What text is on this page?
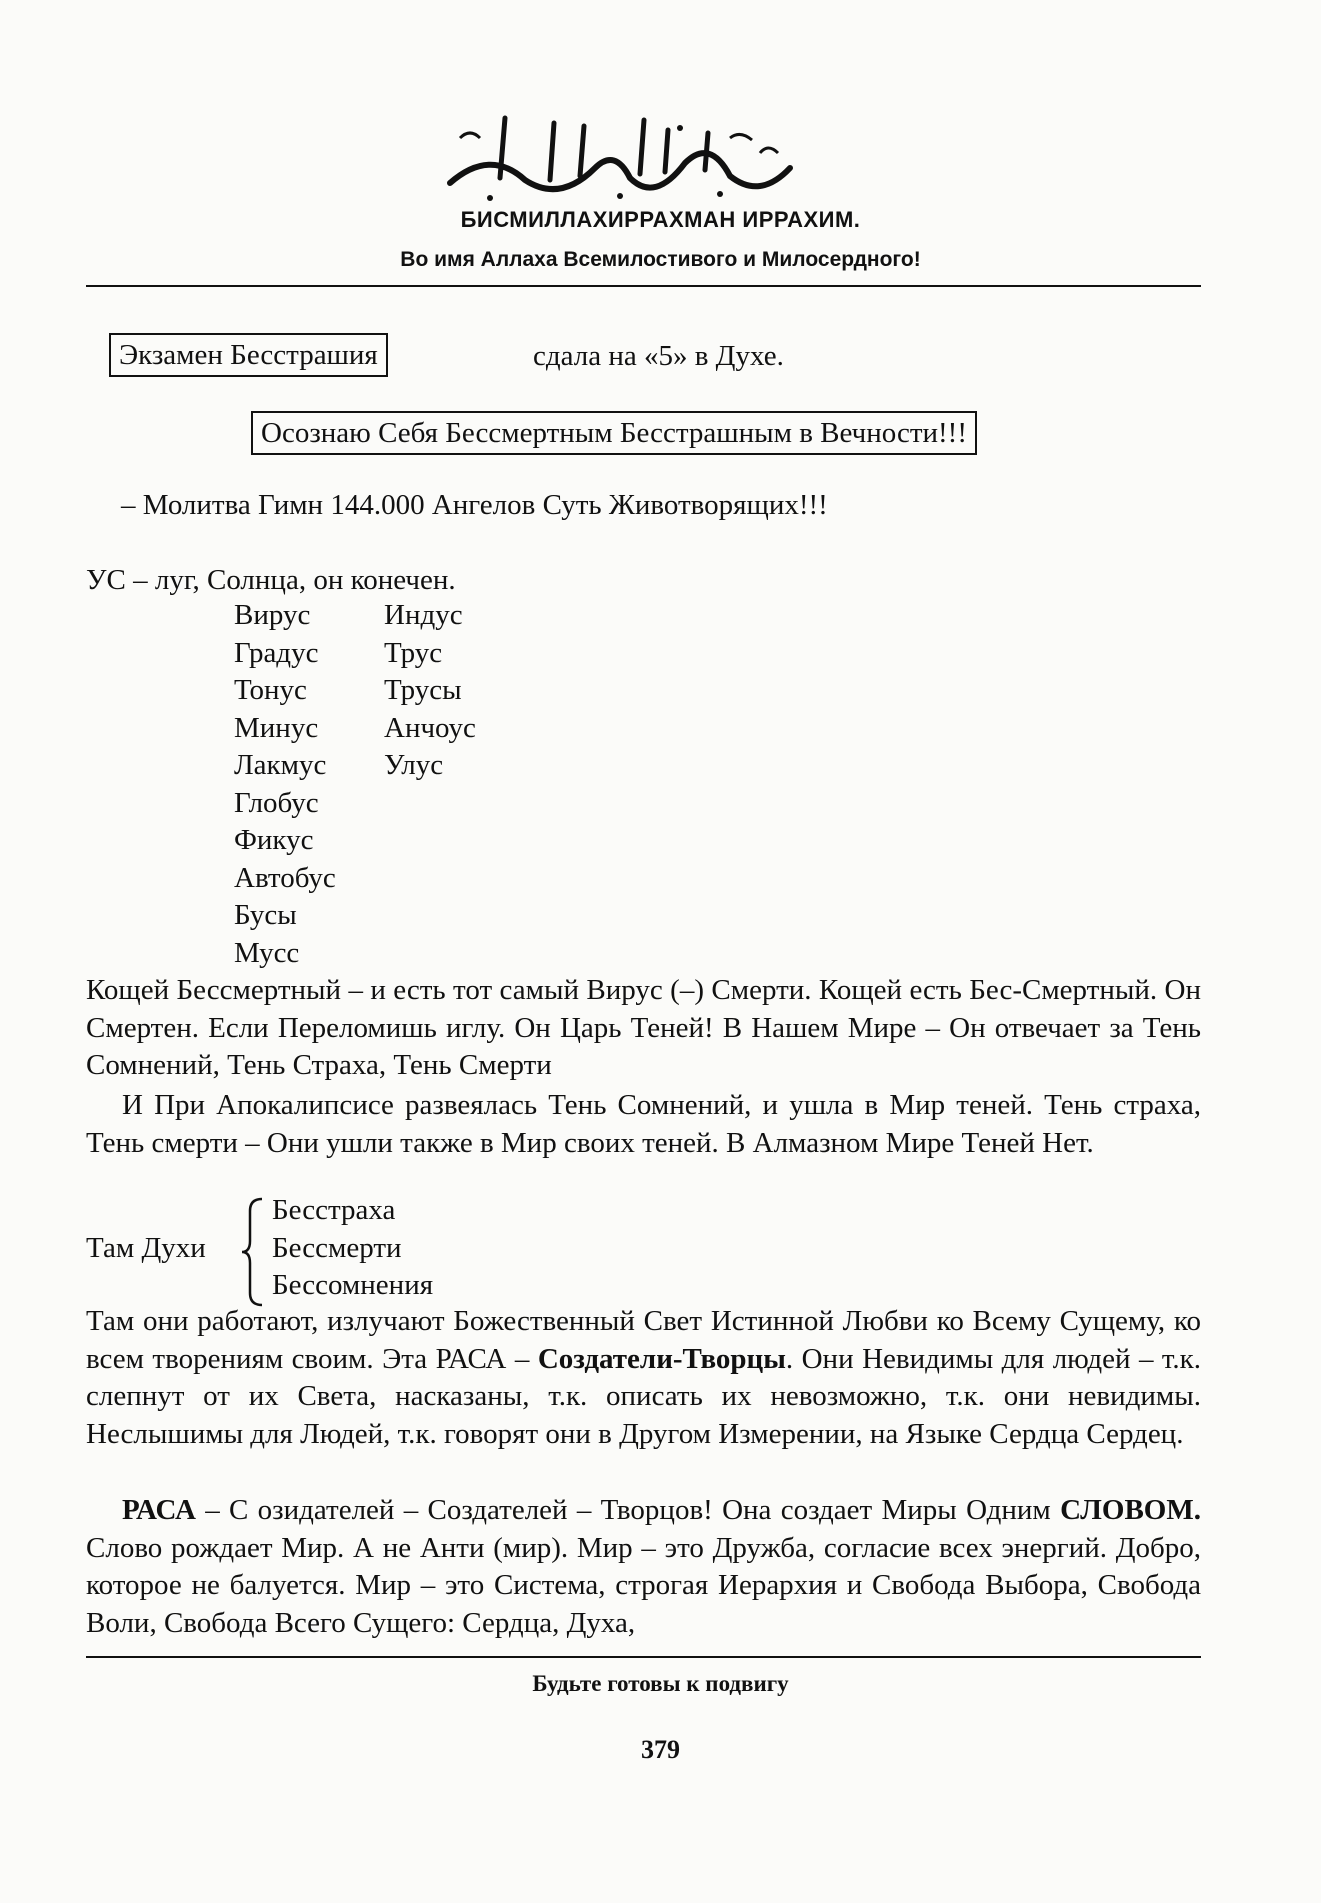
БИСМИЛЛАХИРРАХМАН ИРРАХИМ.
Во имя Аллаха Всемилостивого и Милосердного!
Экзамен Бесстрашия	сдала на «5» в Духе.
Осознаю Себя Бессмертным Бесстрашным в Вечности!!!
– Молитва Гимн 144.000 Ангелов Суть Животворящих!!!
УС – луг, Солнца, он конечен.
Вирус
Градус
Тонус
Минус
Лакмус
Глобус
Фикус
Автобус
Бусы
Мусс
Индус
Трус
Трусы
Анчоус
Улус

Кощей Бессмертный – и есть тот самый Вирус (–) Смерти. Кощей есть Бес-Смертный. Он Смертен. Если Переломишь иглу. Он Царь Теней! В Нашем Мире – Он отвечает за Тень Сомнений, Тень Страха, Тень Смерти

И При Апокалипсисе развеялась Тень Сомнений, и ушла в Мир теней. Тень страха, Тень смерти – Они ушли также в Мир своих теней. В Алмазном Мире Теней Нет.

Там Духи
Бесстраха
Бессмерти
Бессомнения

Там они работают, излучают Божественный Свет Истинной Любви ко Всему Сущему, ко всем творениям своим. Эта РАСА – Создатели-Творцы. Они Невидимы для людей – т.к. слепнут от их Света, насказаны, т.к. описать их невозможно, т.к. они невидимы. Неслышимы для Людей, т.к. говорят они в Другом Измерении, на Языке Сердца Сердец.

РАСА – С озидателей – Создателей – Творцов! Она создает Миры Одним СЛОВОМ. Слово рождает Мир. А не Анти (мир). Мир – это Дружба, согласие всех энергий. Добро, которое не балуется. Мир – это Система, строгая Иерархия и Свобода Выбора, Свобода Воли, Свобода Всего Сущего: Сердца, Духа,

Будьте готовы к подвигу
379
